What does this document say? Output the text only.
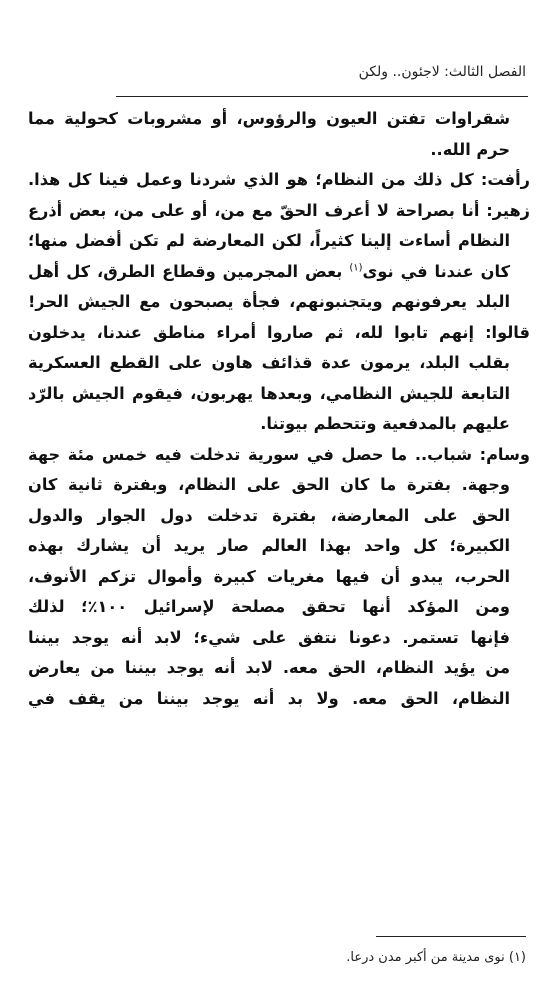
الفصل الثالث: لاجئون.. ولكن
شقراوات تفتن العيون والرؤوس، أو مشروبات كحولية مما
حرم الله..
رأفت: كل ذلك من النظام؛ هو الذي شردنا وعمل فينا كل هذا.
زهير: أنا بصراحة لا أعرف الحقّ مع من، أو على من، بعض أذرع
النظام أساءت إلينا كثيراً، لكن المعارضة لم تكن أفضل منها؛
كان عندنا في نوى$^{(١)}$ بعض المجرمين وقطاع الطرق، كل أهل
البلد يعرفونهم ويتجنبونهم، فجأة يصبحون مع الجيش الحر!
قالوا: إنهم تابوا لله، ثم صاروا أمراء مناطق عندنا، يدخلون
بقلب البلد، يرمون عدة قذائف هاون على القطع العسكرية
التابعة للجيش النظامي، وبعدها يهربون، فيقوم الجيش بالرّد
عليهم بالمدفعية وتتحطم بيوتنا.
وسام: شباب.. ما حصل في سورية تدخلت فيه خمس مئة جهة
وجهة. بفترة ما كان الحق على النظام، وبفترة ثانية كان
الحق على المعارضة، بفترة تدخلت دول الجوار والدول
الكبيرة؛ كل واحد بهذا العالم صار يريد أن يشارك بهذه
الحرب، يبدو أن فيها مغريات كبيرة وأموال تزكم الأنوف،
ومن المؤكد أنها تحقق مصلحة لإسرائيل ١٠٠٪؛ لذلك
فإنها تستمر. دعونا نتفق على شيء؛ لابد أنه يوجد بيننا
من يؤيد النظام، الحق معه. لابد أنه يوجد بيننا من يعارض
النظام، الحق معه. ولا بد أنه يوجد بيننا من يقف في
(١) نوى مدينة من أكبر مدن درعا.
